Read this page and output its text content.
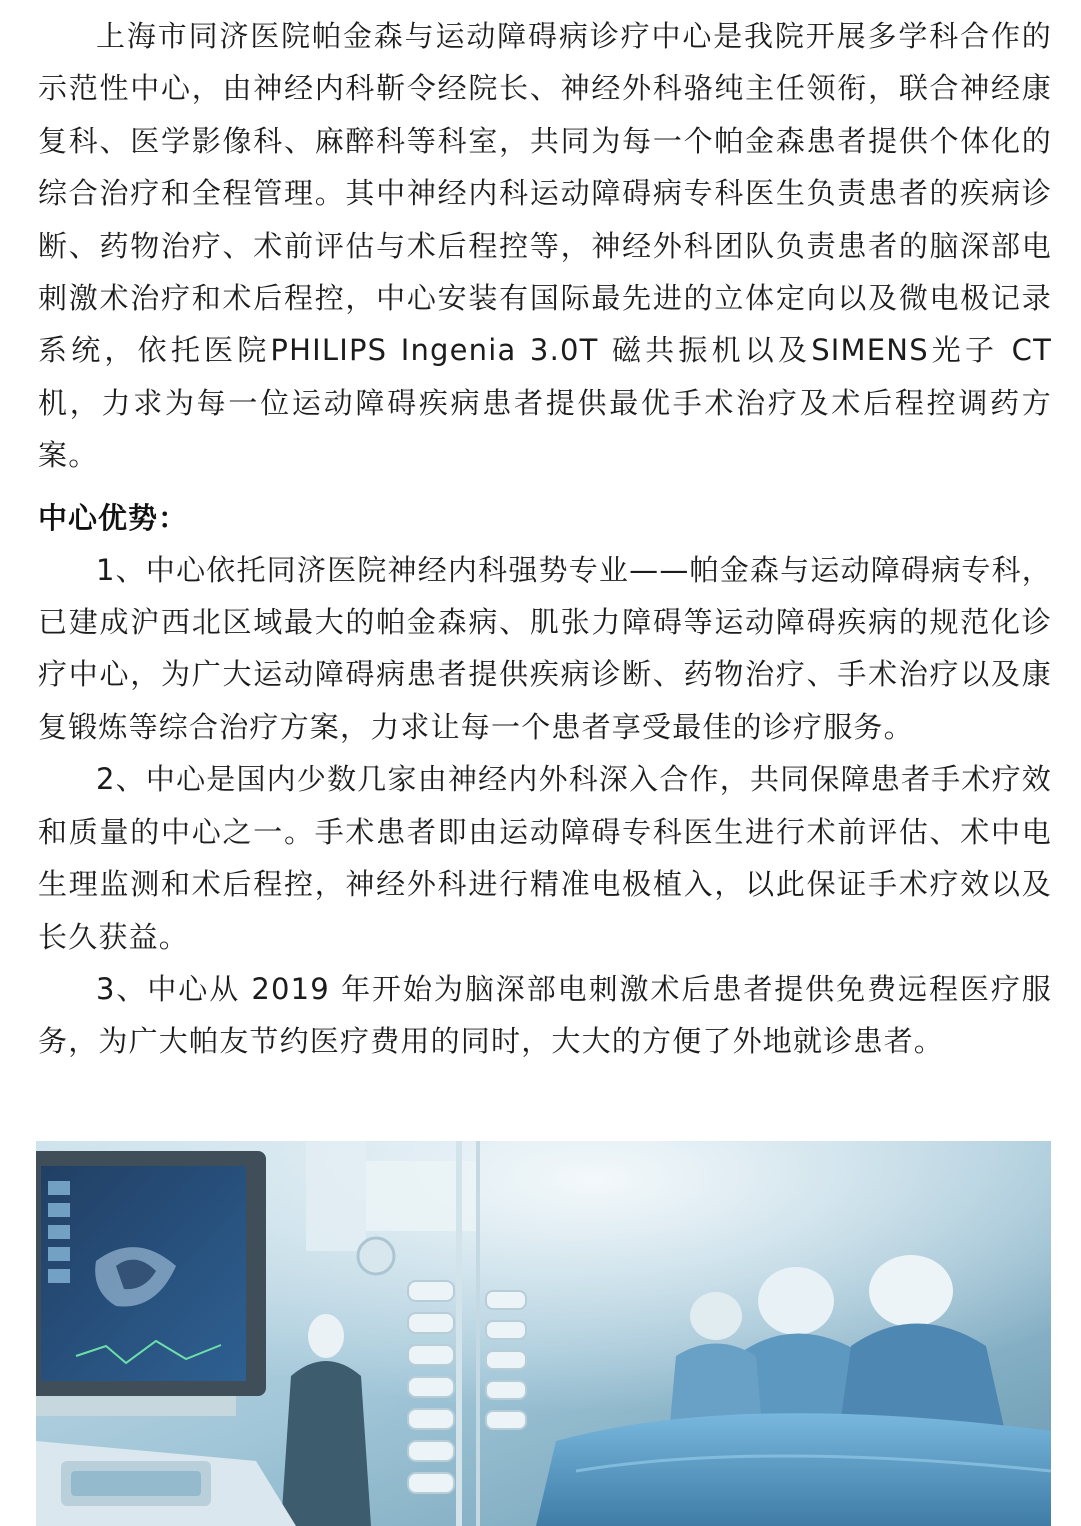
上海市同济医院帕金森与运动障碍病诊疗中心是我院开展多学科合作的示范性中心，由神经内科靳令经院长、神经外科骆纯主任领衔，联合神经康复科、医学影像科、麻醉科等科室，共同为每一个帕金森患者提供个体化的综合治疗和全程管理。其中神经内科运动障碍病专科医生负责患者的疾病诊断、药物治疗、术前评估与术后程控等，神经外科团队负责患者的脑深部电刺激术治疗和术后程控，中心安装有国际最先进的立体定向以及微电极记录系统，依托医院PHILIPS Ingenia 3.0T 磁共振机以及SIMENS光子 CT机，力求为每一位运动障碍疾病患者提供最优手术治疗及术后程控调药方案。

中心优势：

1、中心依托同济医院神经内科强势专业——帕金森与运动障碍病专科，已建成沪西北区域最大的帕金森病、肌张力障碍等运动障碍疾病的规范化诊疗中心，为广大运动障碍病患者提供疾病诊断、药物治疗、手术治疗以及康复锻炼等综合治疗方案，力求让每一个患者享受最佳的诊疗服务。

2、中心是国内少数几家由神经内外科深入合作，共同保障患者手术疗效和质量的中心之一。手术患者即由运动障碍专科医生进行术前评估、术中电生理监测和术后程控，神经外科进行精准电极植入，以此保证手术疗效以及长久获益。

3、中心从 2019 年开始为脑深部电刺激术后患者提供免费远程医疗服务，为广大帕友节约医疗费用的同时，大大的方便了外地就诊患者。
